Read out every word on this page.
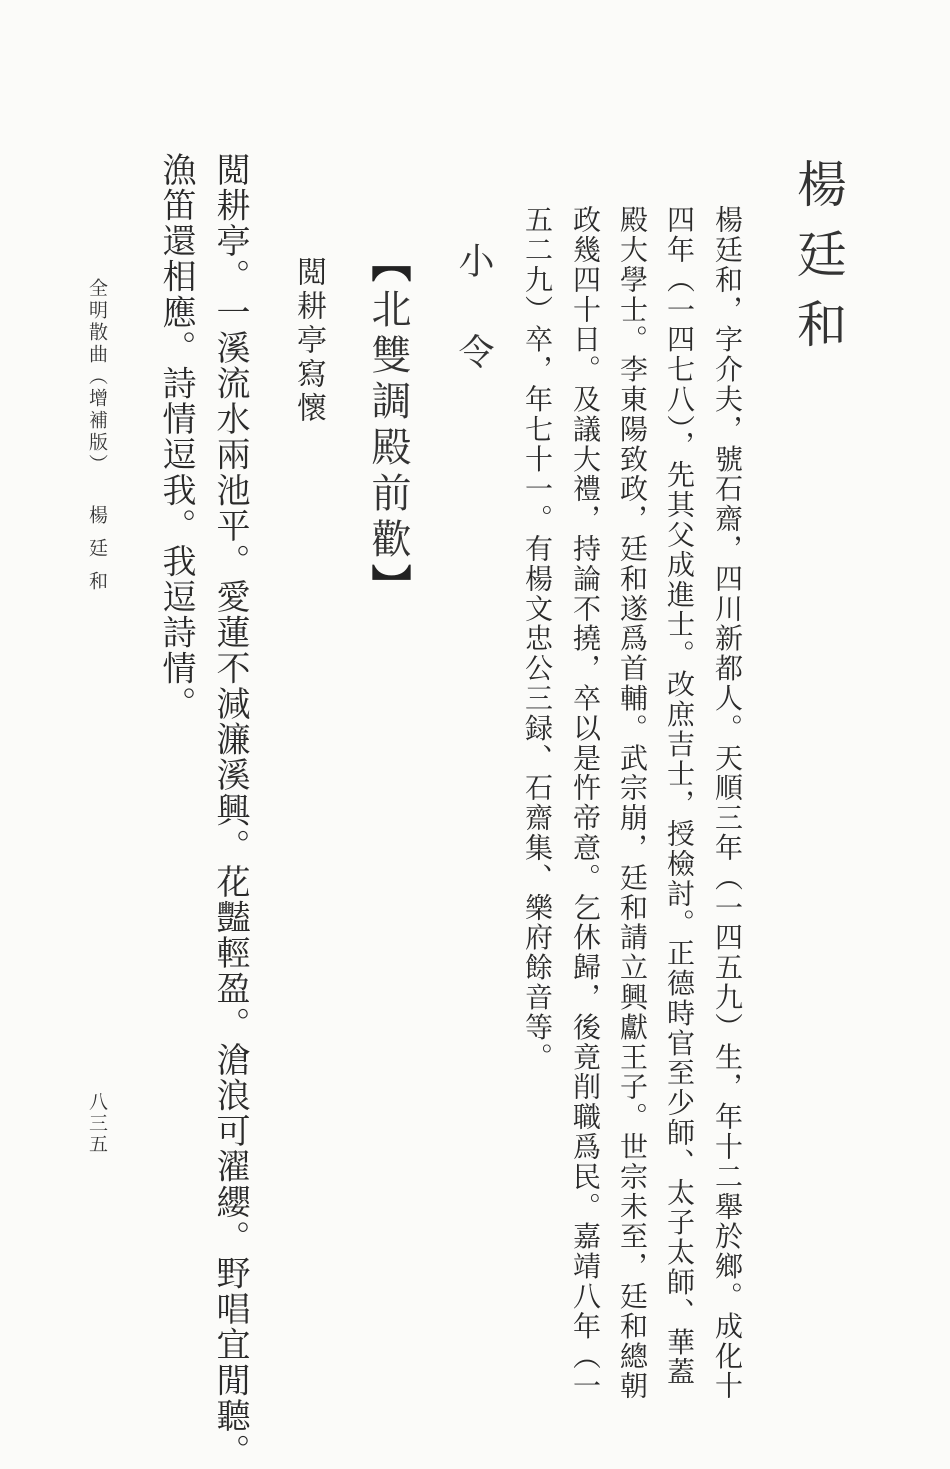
楊廷和
楊廷和，字介夫，號石齋，四川新都人。天順三年（一四五九）生，年十二舉於鄉。成化十
四年（一四七八），先其父成進士。改庶吉士，授檢討。正德時官至少師、太子太師、華蓋
殿大學士。李東陽致政，廷和遂爲首輔。武宗崩，廷和請立興獻王子。世宗未至，廷和總朝
政幾四十日。及議大禮，持論不撓，卒以是忤帝意。乞休歸，後竟削職爲民。嘉靖八年（一
五二九）卒，年七十一。有楊文忠公三録、石齋集、樂府餘音等。
小令
【北雙調殿前歡】
閲耕亭寫懷
閲耕亭。一溪流水兩池平。愛蓮不減濂溪興。花豔輕盈。滄浪可濯纓。野唱宜閒聽。
漁笛還相應。詩情逗我。我逗詩情。
全明散曲（增補版）
楊廷和
八三五
